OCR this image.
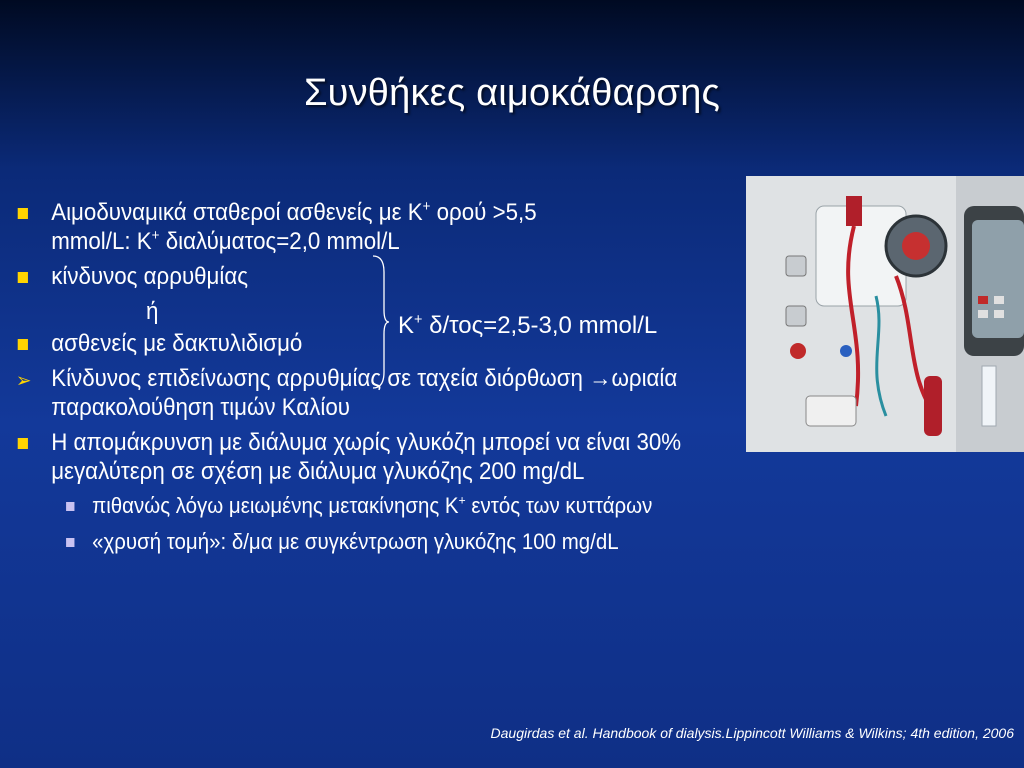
Συνθήκες αιμοκάθαρσης
Αιμοδυναμικά σταθεροί ασθενείς με Κ+ ορού >5,5
mmol/L: Κ+ διαλύματος=2,0 mmol/L
κίνδυνος αρρυθμίας
ή
ασθενείς με δακτυλιδισμό
➢ Κίνδυνος επιδείνωσης αρρυθμίας σε ταχεία διόρθωση →ωριαία παρακολούθηση τιμών Καλίου
Η απομάκρυνση με διάλυμα χωρίς γλυκόζη μπορεί να είναι 30% μεγαλύτερη σε σχέση με διάλυμα γλυκόζης 200 mg/dL
πιθανώς λόγω μειωμένης μετακίνησης Κ+ εντός των κυττάρων
«χρυσή τομή»: δ/μα με συγκέντρωση γλυκόζης 100 mg/dL
Κ+ δ/τος=2,5-3,0 mmol/L
Daugirdas et al. Handbook of dialysis.Lippincott Williams & Wilkins; 4th edition, 2006
